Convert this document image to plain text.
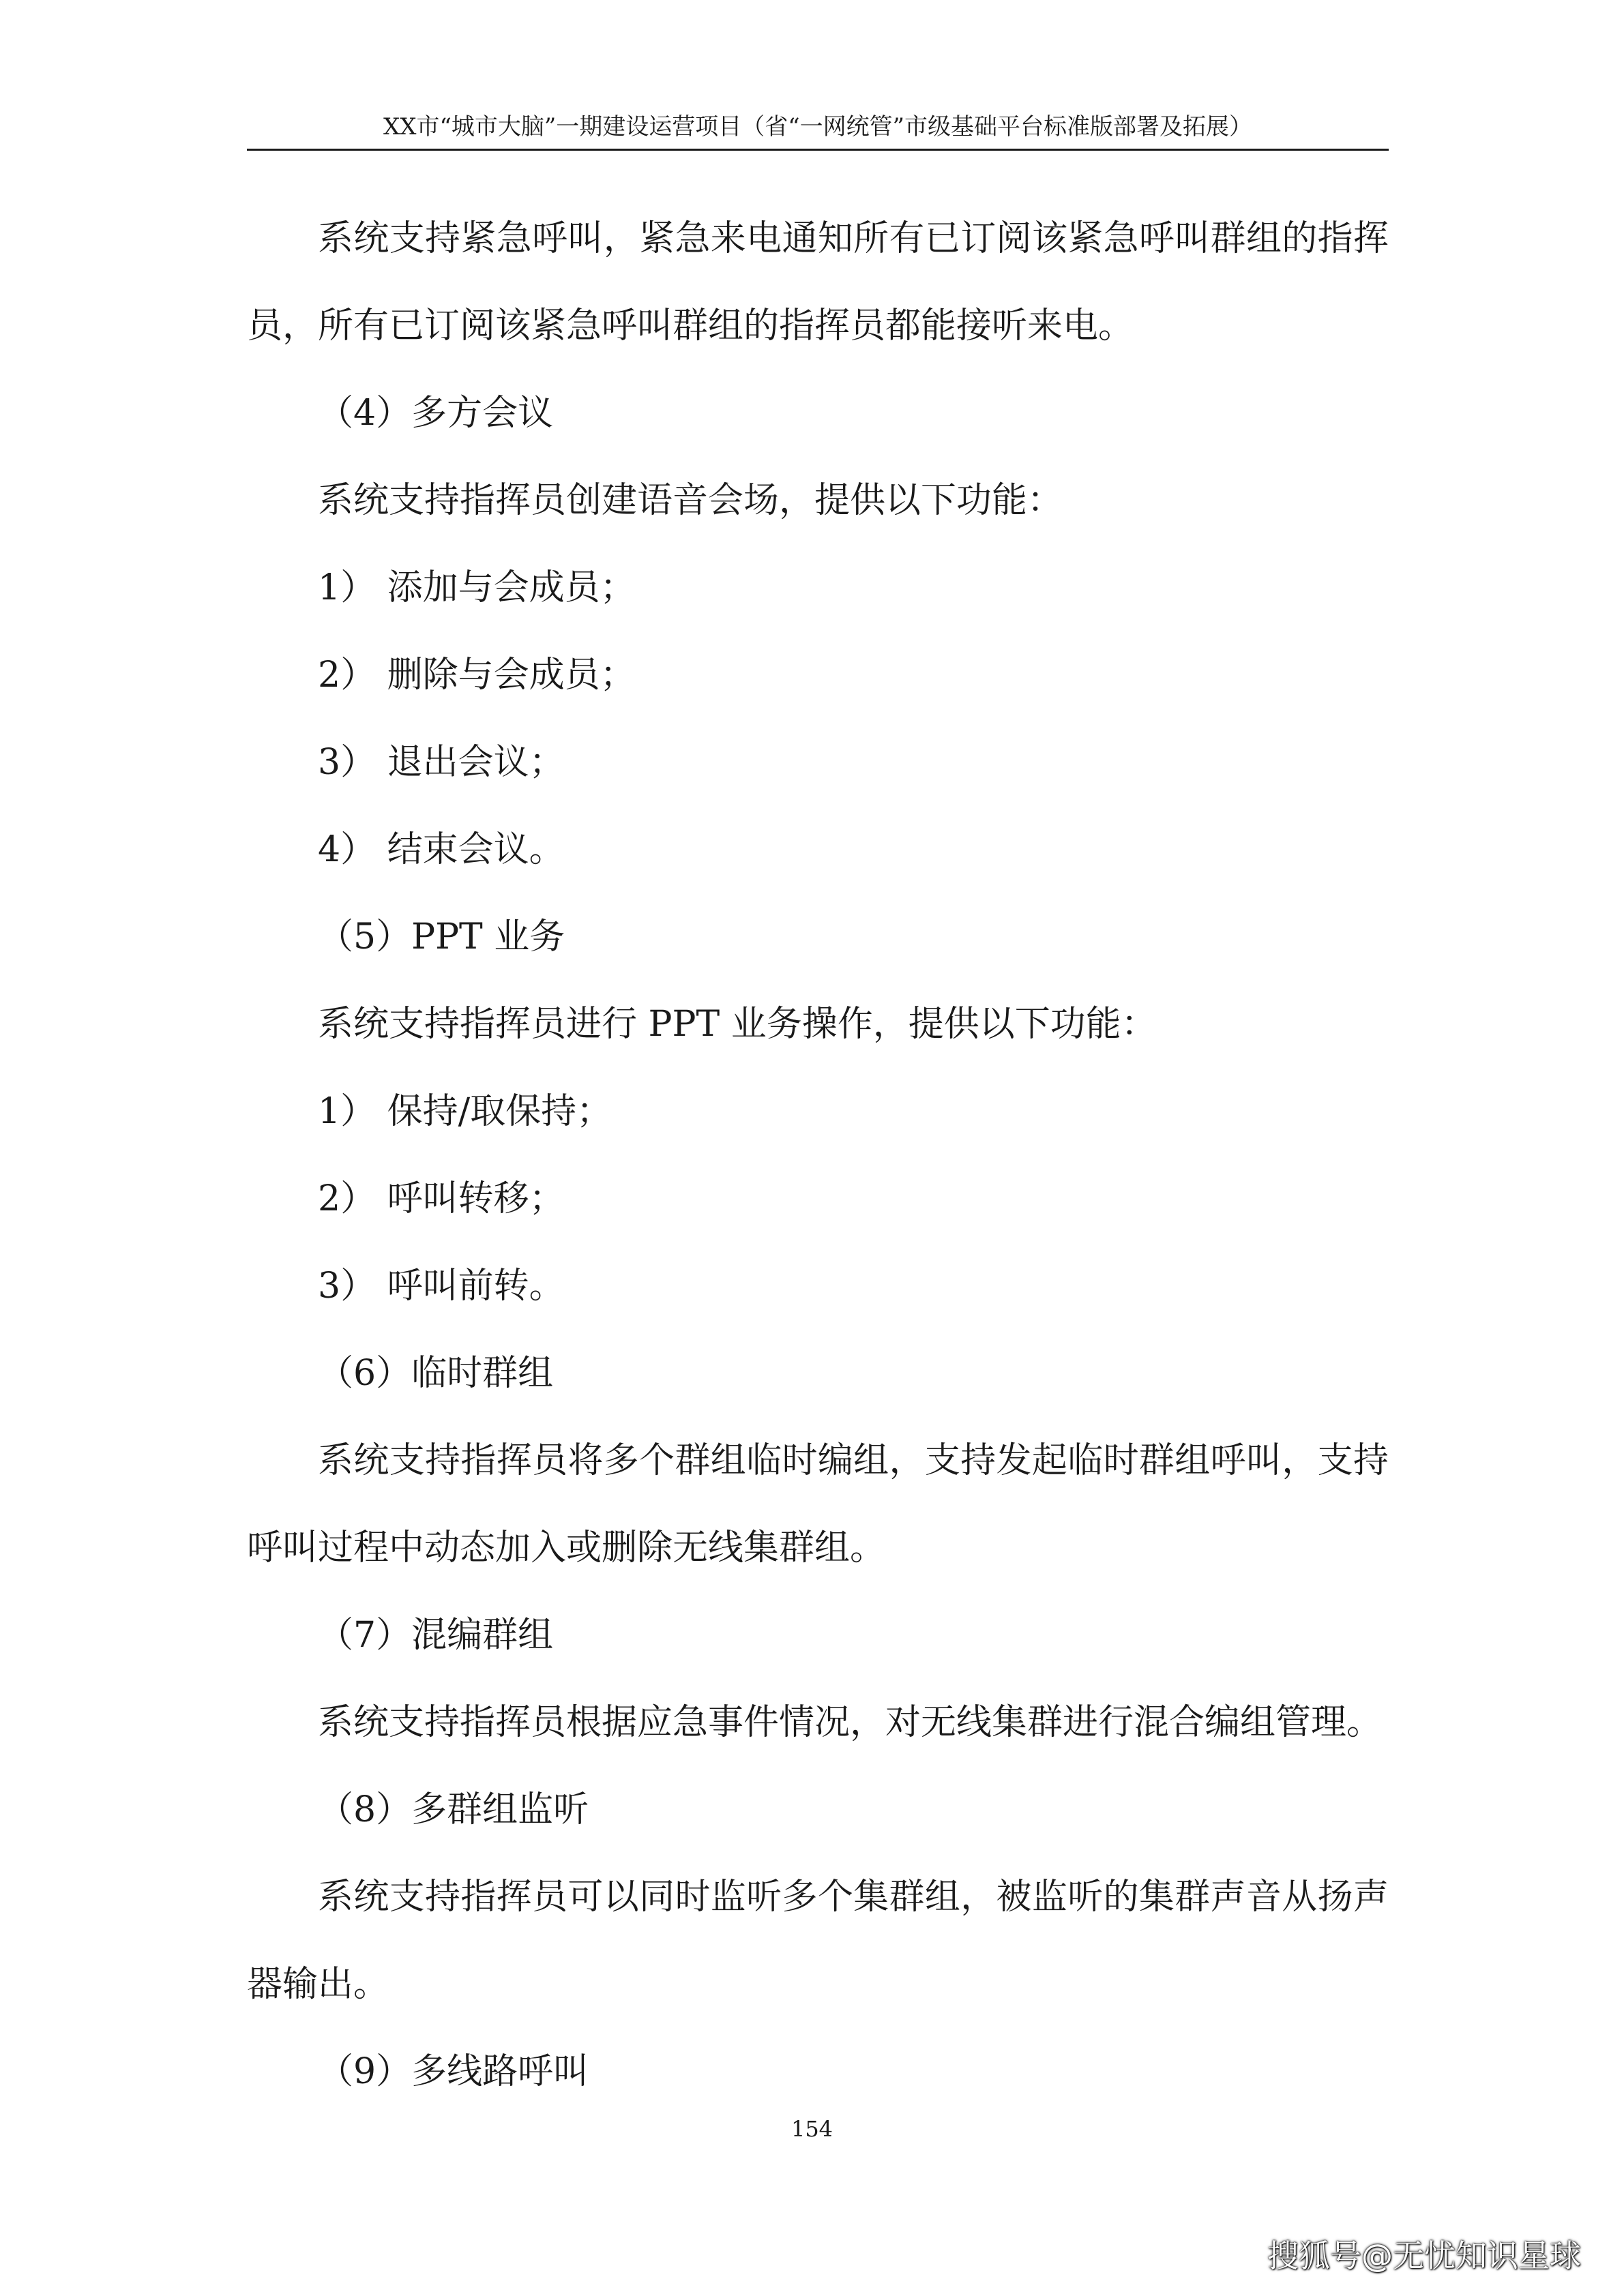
XX市“城市大脑”一期建设运营项目（省“一网统管”市级基础平台标准版部署及拓展）
系统支持紧急呼叫，紧急来电通知所有已订阅该紧急呼叫群组的指挥
员，所有已订阅该紧急呼叫群组的指挥员都能接听来电。
（4）多方会议
系统支持指挥员创建语音会场，提供以下功能：
1） 添加与会成员；
2） 删除与会成员；
3） 退出会议；
4） 结束会议。
（5）PPT 业务
系统支持指挥员进行 PPT 业务操作，提供以下功能：
1） 保持/取保持；
2） 呼叫转移；
3） 呼叫前转。
（6）临时群组
系统支持指挥员将多个群组临时编组，支持发起临时群组呼叫，支持
呼叫过程中动态加入或删除无线集群组。
（7）混编群组
系统支持指挥员根据应急事件情况，对无线集群进行混合编组管理。
（8）多群组监听
系统支持指挥员可以同时监听多个集群组，被监听的集群声音从扬声
器输出。
（9）多线路呼叫
154
搜狐号@无忧知识星球
